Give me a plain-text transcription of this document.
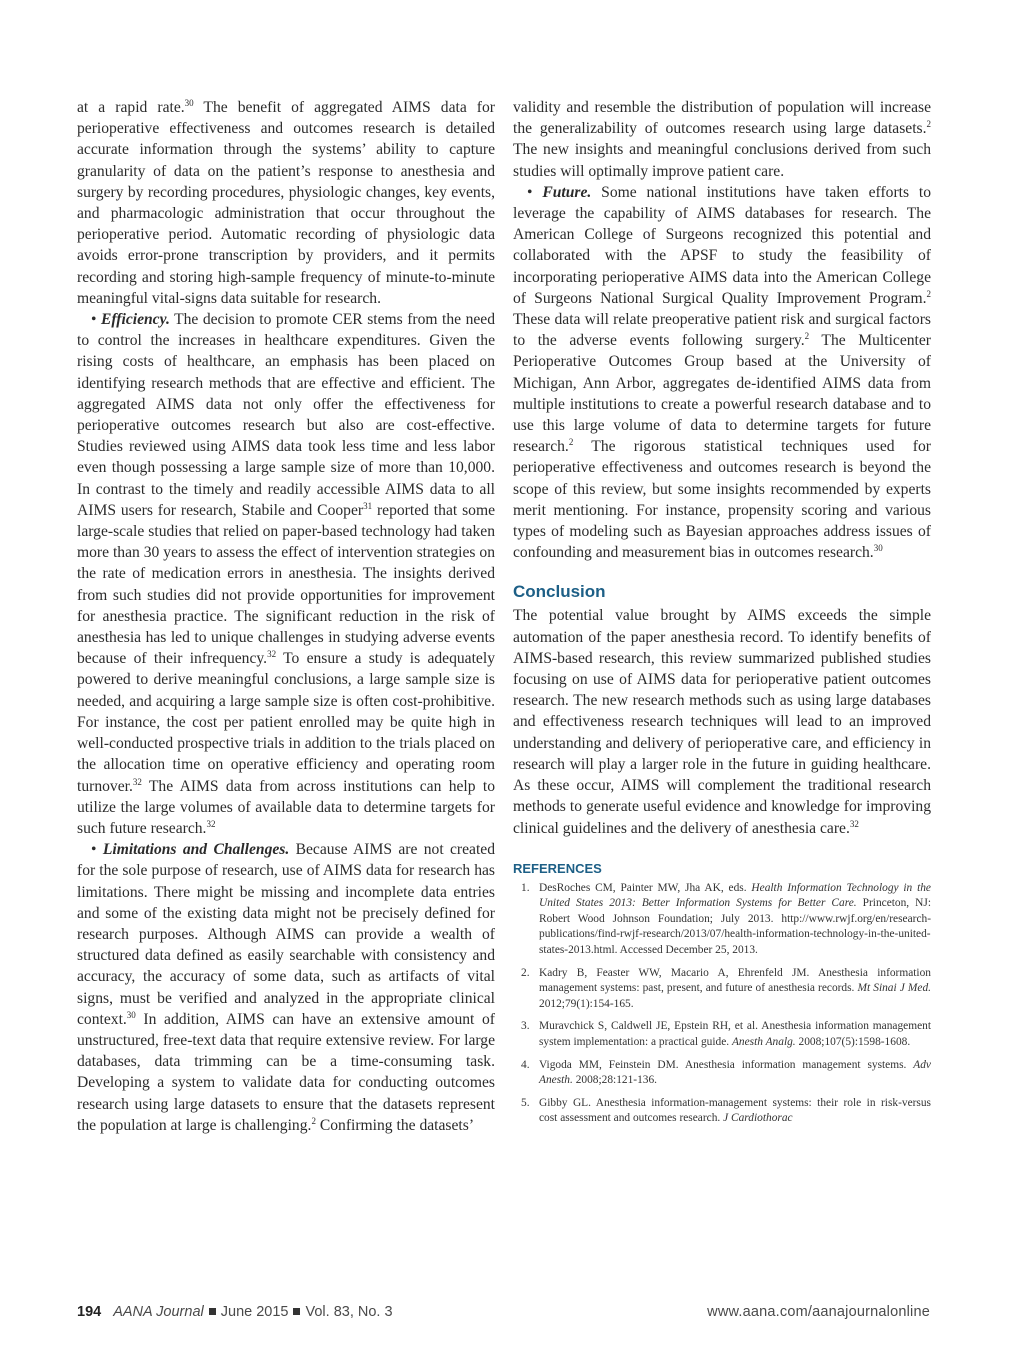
at a rapid rate.$^{30}$ The benefit of aggregated AIMS data for perioperative effectiveness and outcomes research is detailed accurate information through the systems’ ability to capture granularity of data on the patient’s response to anesthesia and surgery by recording procedures, physiologic changes, key events, and pharmacologic administration that occur throughout the perioperative period. Automatic recording of physiologic data avoids error-prone transcription by providers, and it permits recording and storing high-sample frequency of minute-to-minute meaningful vital-signs data suitable for research.

• Efficiency. The decision to promote CER stems from the need to control the increases in healthcare expenditures. Given the rising costs of healthcare, an emphasis has been placed on identifying research methods that are effective and efficient. The aggregated AIMS data not only offer the effectiveness for perioperative outcomes research but also are cost-effective. Studies reviewed using AIMS data took less time and less labor even though possessing a large sample size of more than 10,000. In contrast to the timely and readily accessible AIMS data to all AIMS users for research, Stabile and Cooper$^{31}$ reported that some large-scale studies that relied on paper-based technology had taken more than 30 years to assess the effect of intervention strategies on the rate of medication errors in anesthesia. The insights derived from such studies did not provide opportunities for improvement for anesthesia practice. The significant reduction in the risk of anesthesia has led to unique challenges in studying adverse events because of their infrequency.$^{32}$ To ensure a study is adequately powered to derive meaningful conclusions, a large sample size is needed, and acquiring a large sample size is often cost-prohibitive. For instance, the cost per patient enrolled may be quite high in well-conducted prospective trials in addition to the trials placed on the allocation time on operative efficiency and operating room turnover.$^{32}$ The AIMS data from across institutions can help to utilize the large volumes of available data to determine targets for such future research.$^{32}$

• Limitations and Challenges. Because AIMS are not created for the sole purpose of research, use of AIMS data for research has limitations. There might be missing and incomplete data entries and some of the existing data might not be precisely defined for research purposes. Although AIMS can provide a wealth of structured data defined as easily searchable with consistency and accuracy, the accuracy of some data, such as artifacts of vital signs, must be verified and analyzed in the appropriate clinical context.$^{30}$ In addition, AIMS can have an extensive amount of unstructured, free-text data that require extensive review. For large databases, data trimming can be a time-consuming task. Developing a system to validate data for conducting outcomes research using large datasets to ensure that the datasets represent the population at large is challenging.$^2$ Confirming the datasets’

validity and resemble the distribution of population will increase the generalizability of outcomes research using large datasets.$^2$ The new insights and meaningful conclusions derived from such studies will optimally improve patient care.

• Future. Some national institutions have taken efforts to leverage the capability of AIMS databases for research. The American College of Surgeons recognized this potential and collaborated with the APSF to study the feasibility of incorporating perioperative AIMS data into the American College of Surgeons National Surgical Quality Improvement Program.$^2$ These data will relate preoperative patient risk and surgical factors to the adverse events following surgery.$^2$ The Multicenter Perioperative Outcomes Group based at the University of Michigan, Ann Arbor, aggregates de-identified AIMS data from multiple institutions to create a powerful research database and to use this large volume of data to determine targets for future research.$^2$ The rigorous statistical techniques used for perioperative effectiveness and outcomes research is beyond the scope of this review, but some insights recommended by experts merit mentioning. For instance, propensity scoring and various types of modeling such as Bayesian approaches address issues of confounding and measurement bias in outcomes research.$^{30}$

Conclusion

The potential value brought by AIMS exceeds the simple automation of the paper anesthesia record. To identify benefits of AIMS-based research, this review summarized published studies focusing on use of AIMS data for perioperative patient outcomes research. The new research methods such as using large databases and effectiveness research techniques will lead to an improved understanding and delivery of perioperative care, and efficiency in research will play a larger role in the future in guiding healthcare. As these occur, AIMS will complement the traditional research methods to generate useful evidence and knowledge for improving clinical guidelines and the delivery of anesthesia care.$^{32}$

REFERENCES
1. DesRoches CM, Painter MW, Jha AK, eds. Health Information Technology in the United States 2013: Better Information Systems for Better Care. Princeton, NJ: Robert Wood Johnson Foundation; July 2013. http://www.rwjf.org/en/research-publications/find-rwjf-research/2013/07/health-information-technology-in-the-united-states-2013.html. Accessed December 25, 2013.
2. Kadry B, Feaster WW, Macario A, Ehrenfeld JM. Anesthesia information management systems: past, present, and future of anesthesia records. Mt Sinai J Med. 2012;79(1):154-165.
3. Muravchick S, Caldwell JE, Epstein RH, et al. Anesthesia information management system implementation: a practical guide. Anesth Analg. 2008;107(5):1598-1608.
4. Vigoda MM, Feinstein DM. Anesthesia information management systems. Adv Anesth. 2008;28:121-136.
5. Gibby GL. Anesthesia information-management systems: their role in risk-versus cost assessment and outcomes research. J Cardiothorac
194 AANA Journal June 2015 Vol. 83, No. 3	www.aana.com/aanajournalonline
